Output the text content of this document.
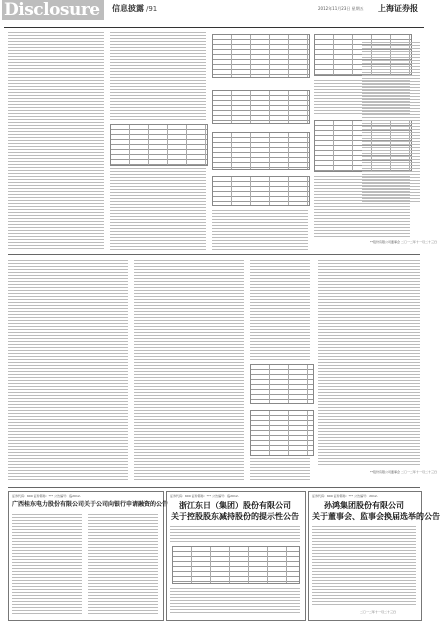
Disclosure	信息披露 /91	2012年11月23日 星期五 上海证券报
**股份有限公司董事会 二〇一二年十一月二十三日
**股份有限公司董事会 二〇一二年十一月二十三日
证券代码：600 证券简称：*** 公告编号：临2012-
广西桂东电力股份有限公司关于公司向银行申请融资的公告
证券代码：600 证券简称：*** 公告编号：临2012-
浙江东日（集团）股份有限公司
关于控股股东减持股份的提示性公告
证券代码：600 证券简称：*** 公告编号：2012-
孙鸿集团股份有限公司
关于董事会、监事会换届选举的公告
二〇一二年十一月二十三日
